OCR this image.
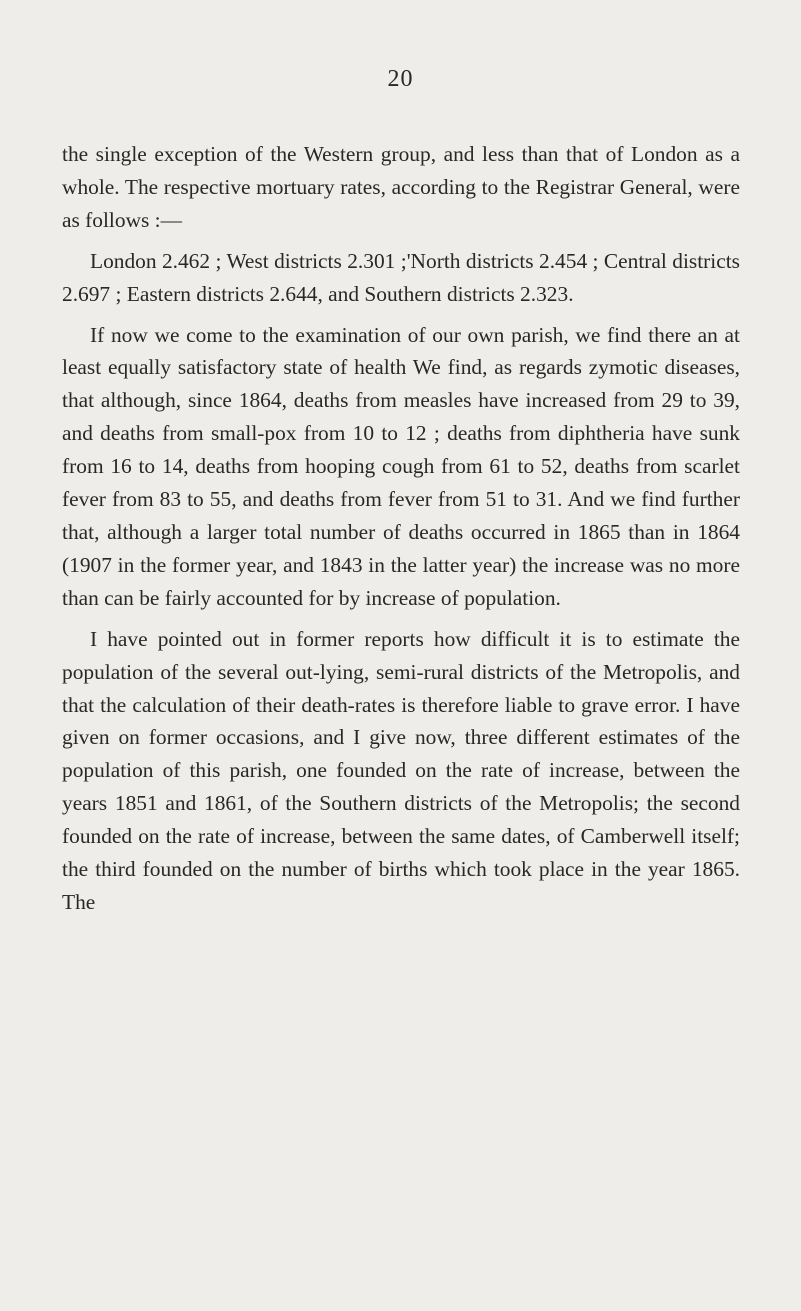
20

the single exception of the Western group, and less than that of London as a whole. The respective mortuary rates, according to the Registrar General, were as follows :—

London 2.462 ; West districts 2.301 ;'North districts 2.454 ; Central districts 2.697 ; Eastern districts 2.644, and Southern districts 2.323.

If now we come to the examination of our own parish, we find there an at least equally satisfactory state of health We find, as regards zymotic diseases, that although, since 1864, deaths from measles have increased from 29 to 39, and deaths from small-pox from 10 to 12 ; deaths from diphtheria have sunk from 16 to 14, deaths from hooping cough from 61 to 52, deaths from scarlet fever from 83 to 55, and deaths from fever from 51 to 31. And we find further that, although a larger total number of deaths occurred in 1865 than in 1864 (1907 in the former year, and 1843 in the latter year) the increase was no more than can be fairly accounted for by increase of population.

I have pointed out in former reports how difficult it is to estimate the population of the several out-lying, semi-rural districts of the Metropolis, and that the calculation of their death-rates is therefore liable to grave error. I have given on former occasions, and I give now, three different estimates of the population of this parish, one founded on the rate of increase, between the years 1851 and 1861, of the Southern districts of the Metropolis; the second founded on the rate of increase, between the same dates, of Camberwell itself; the third founded on the number of births which took place in the year 1865. The
